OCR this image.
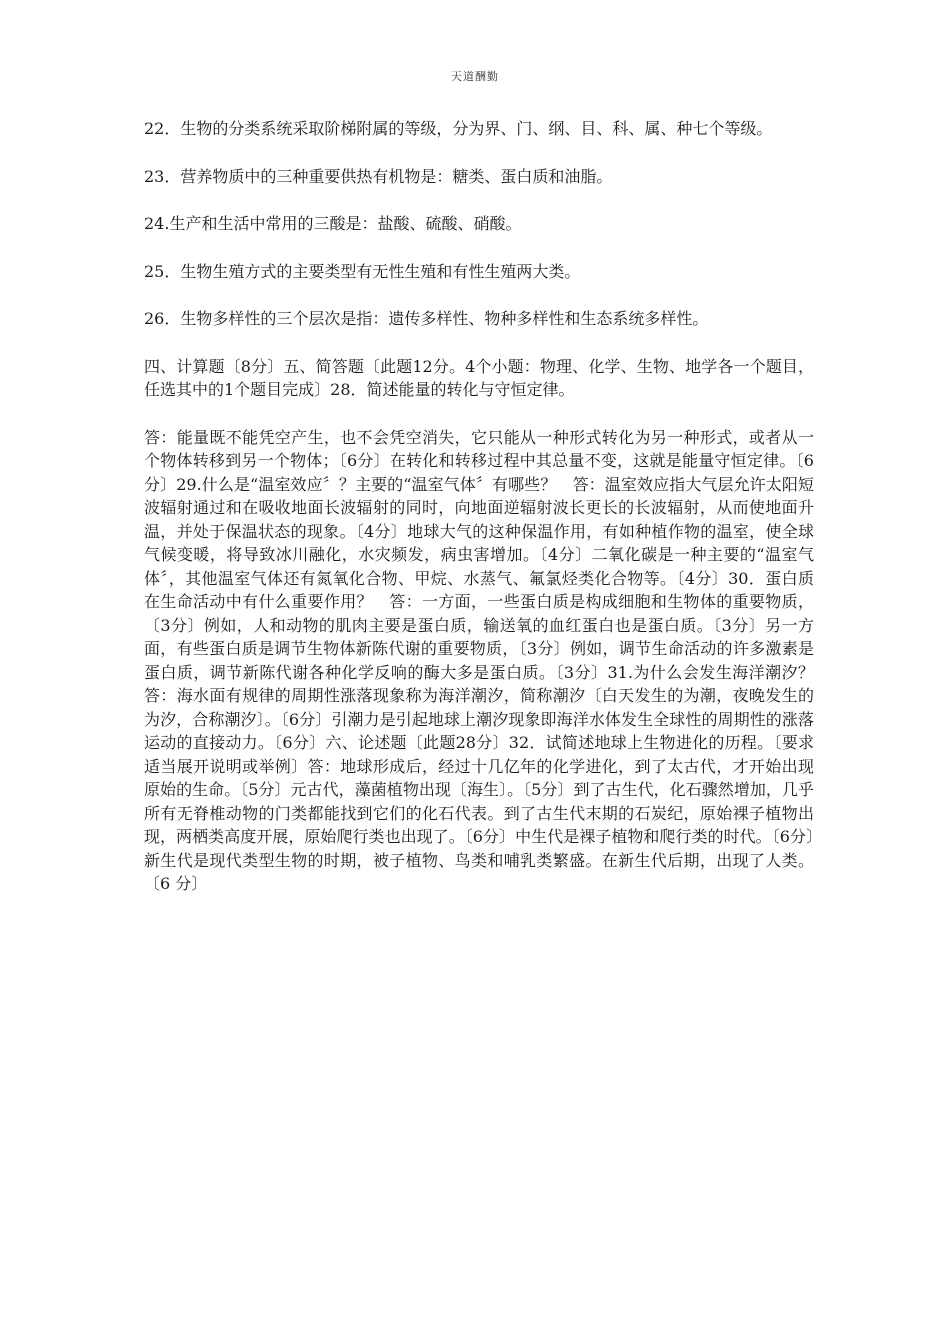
天道酬勤

22．生物的分类系统采取阶梯附属的等级，分为界、门、纲、目、科、属、种七个等级。

23．营养物质中的三种重要供热有机物是：糖类、蛋白质和油脂。

24.生产和生活中常用的三酸是：盐酸、硫酸、硝酸。

25．生物生殖方式的主要类型有无性生殖和有性生殖两大类。

26．生物多样性的三个层次是指：遗传多样性、物种多样性和生态系统多样性。

四、计算题〔8分〕五、简答题〔此题12分。4个小题：物理、化学、生物、地学各一个题目，任选其中的1个题目完成〕28．简述能量的转化与守恒定律。

答：能量既不能凭空产生，也不会凭空消失，它只能从一种形式转化为另一种形式，或者从一个物体转移到另一个物体；〔6分〕在转化和转移过程中其总量不变，这就是能量守恒定律。〔6分〕29.什么是“温室效应〞？主要的“温室气体〞有哪些？　答：温室效应指大气层允许太阳短波辐射通过和在吸收地面长波辐射的同时，向地面逆辐射波长更长的长波辐射，从而使地面升温，并处于保温状态的现象。〔4分〕地球大气的这种保温作用，有如种植作物的温室，使全球气候变暖，将导致冰川融化，水灾频发，病虫害增加。〔4分〕二氧化碳是一种主要的“温室气体〞，其他温室气体还有氮氧化合物、甲烷、水蒸气、氟氯烃类化合物等。〔4分〕30．蛋白质在生命活动中有什么重要作用？　答：一方面，一些蛋白质是构成细胞和生物体的重要物质，〔3分〕例如，人和动物的肌肉主要是蛋白质，输送氧的血红蛋白也是蛋白质。〔3分〕另一方面，有些蛋白质是调节生物体新陈代谢的重要物质，〔3分〕例如，调节生命活动的许多激素是蛋白质，调节新陈代谢各种化学反响的酶大多是蛋白质。〔3分〕31.为什么会发生海洋潮汐？　答：海水面有规律的周期性涨落现象称为海洋潮汐，简称潮汐〔白天发生的为潮，夜晚发生的为汐，合称潮汐〕。〔6分〕引潮力是引起地球上潮汐现象即海洋水体发生全球性的周期性的涨落运动的直接动力。〔6分〕六、论述题〔此题28分〕32．试简述地球上生物进化的历程。〔要求适当展开说明或举例〕答：地球形成后，经过十几亿年的化学进化，到了太古代，才开始出现原始的生命。〔5分〕元古代，藻菌植物出现〔海生〕。〔5分〕到了古生代，化石骤然增加，几乎所有无脊椎动物的门类都能找到它们的化石代表。到了古生代末期的石炭纪，原始裸子植物出现，两栖类高度开展，原始爬行类也出现了。〔6分〕中生代是裸子植物和爬行类的时代。〔6分〕新生代是现代类型生物的时期，被子植物、鸟类和哺乳类繁盛。在新生代后期，出现了人类。〔6 分〕
